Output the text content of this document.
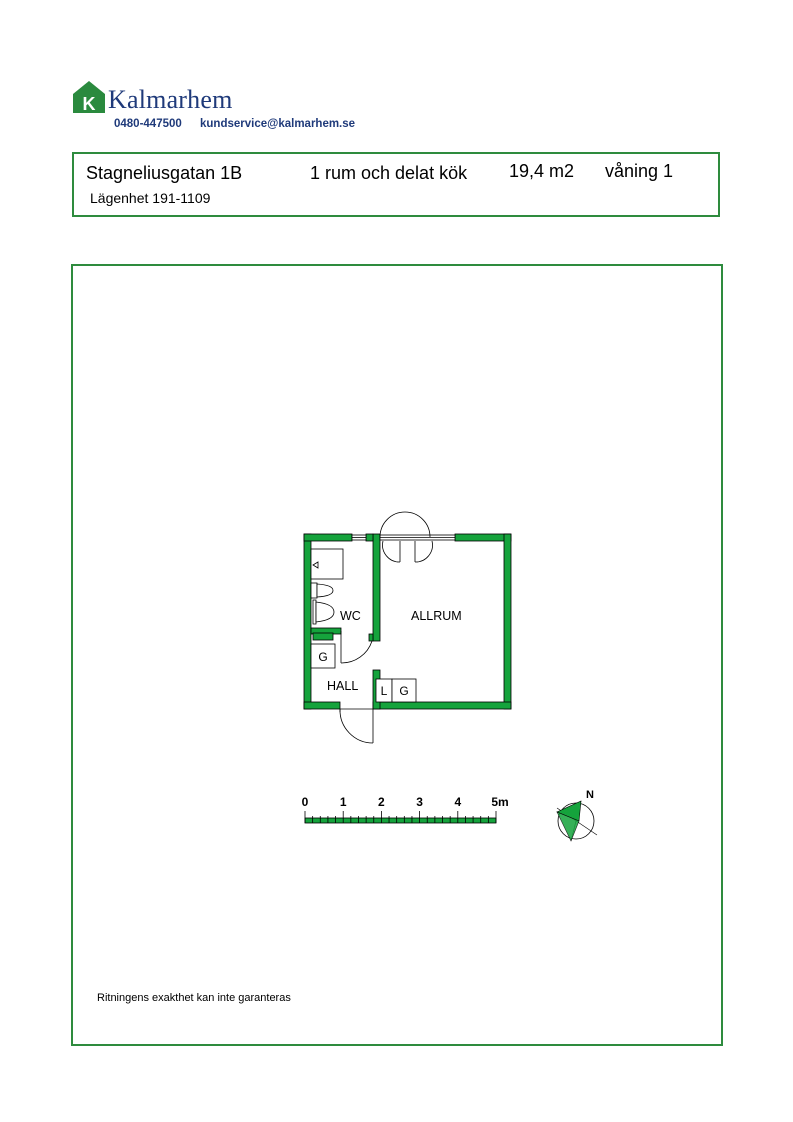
K Kalmarhem
0480-447500 kundservice@kalmarhem.se
Stagneliusgatan 1B	1 rum och delat kök 19,4 m2 våning 1
Lägenhet 191-1109
Ritningens exakthet kan inte garanteras
G
L G
WC	ALLRUM
HALL
0	1	2	3	4	5m	N
